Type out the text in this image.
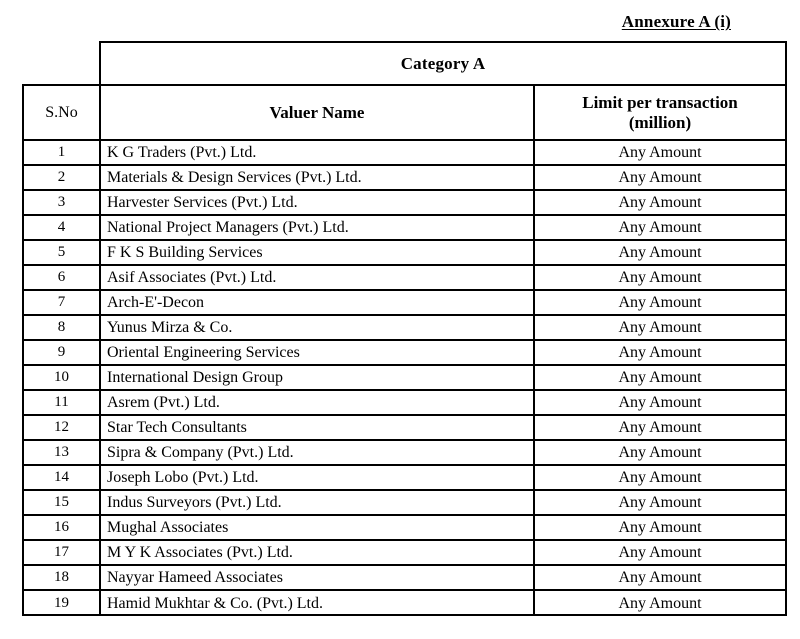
Annexure A (i)
Category A
S.No	Valuer Name	Limit per transaction
(million)
1	K G Traders (Pvt.) Ltd.	Any Amount
2	Materials & Design Services (Pvt.) Ltd.	Any Amount
3	Harvester Services (Pvt.) Ltd.	Any Amount
4	National Project Managers (Pvt.) Ltd.	Any Amount
5	F K S Building Services	Any Amount
6	Asif Associates (Pvt.) Ltd.	Any Amount
7	Arch-E'-Decon	Any Amount
8	Yunus Mirza & Co.	Any Amount
9	Oriental Engineering Services	Any Amount
10	International Design Group	Any Amount
11	Asrem (Pvt.) Ltd.	Any Amount
12	Star Tech Consultants	Any Amount
13	Sipra & Company (Pvt.) Ltd.	Any Amount
14	Joseph Lobo (Pvt.) Ltd.	Any Amount
15	Indus Surveyors (Pvt.) Ltd.	Any Amount
16	Mughal Associates	Any Amount
17	M Y K Associates (Pvt.) Ltd.	Any Amount
18	Nayyar Hameed Associates	Any Amount
19	Hamid Mukhtar & Co. (Pvt.) Ltd.	Any Amount
